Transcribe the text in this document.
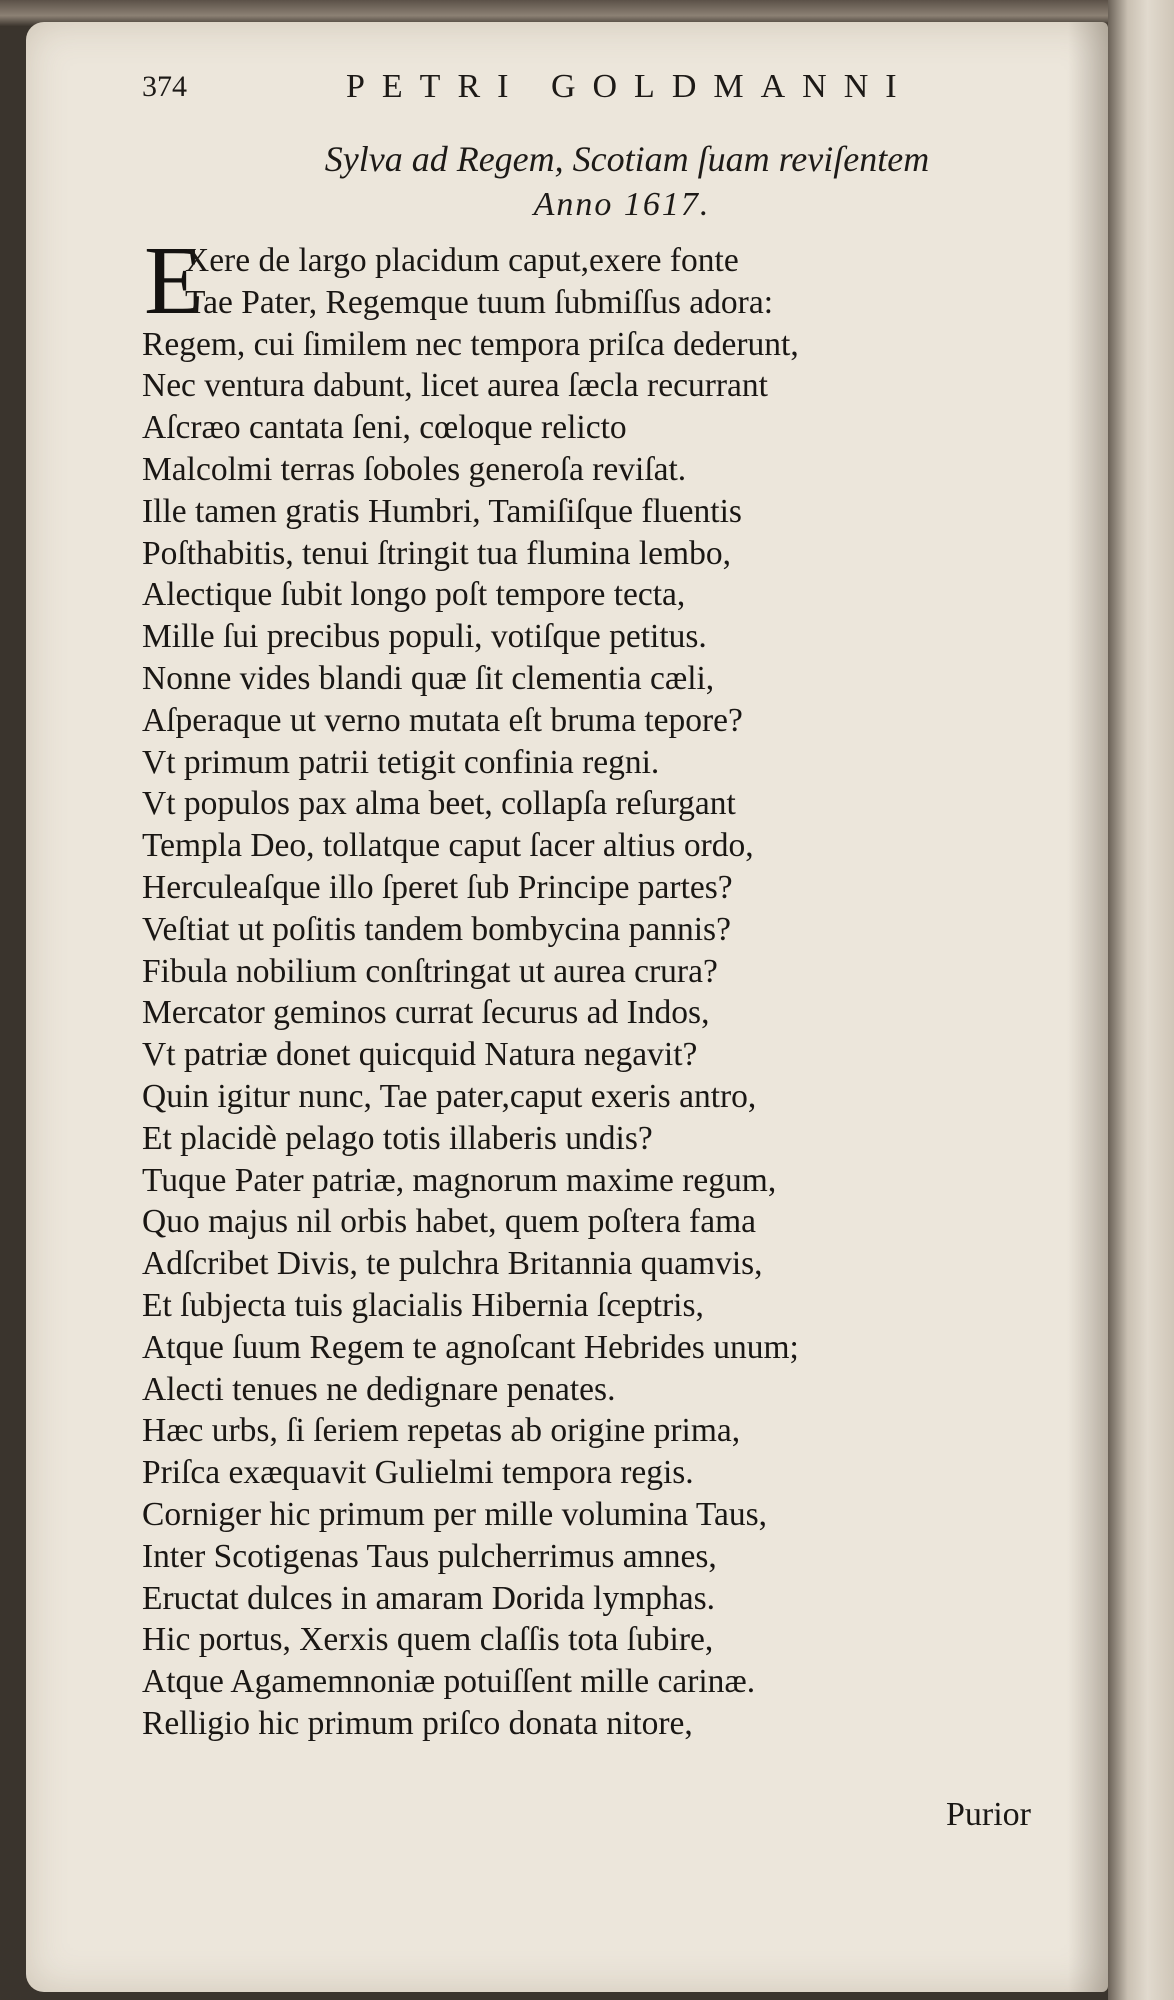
374	PETRI GOLDMANNI
Sylva ad Regem, Scotiam ſuam reviſentem
Anno 1617.
E
Xere de largo placidum caput,exere fonte
Tae Pater, Regemque tuum ſubmiſſus adora:
Regem, cui ſimilem nec tempora priſca dederunt,
Nec ventura dabunt, licet aurea ſæcla recurrant
Aſcræo cantata ſeni, cœloque relicto
Malcolmi terras ſoboles generoſa reviſat.
Ille tamen gratis Humbri, Tamiſiſque fluentis
Poſthabitis, tenui ſtringit tua flumina lembo,
Alectique ſubit longo poſt tempore tecta,
Mille ſui precibus populi, votiſque petitus.
Nonne vides blandi quæ ſit clementia cæli,
Aſperaque ut verno mutata eſt bruma tepore?
Vt primum patrii tetigit confinia regni.
Vt populos pax alma beet, collapſa reſurgant
Templa Deo, tollatque caput ſacer altius ordo,
Herculeaſque illo ſperet ſub Principe partes?
Veſtiat ut poſitis tandem bombycina pannis?
Fibula nobilium conſtringat ut aurea crura?
Mercator geminos currat ſecurus ad Indos,
Vt patriæ donet quicquid Natura negavit?
Quin igitur nunc, Tae pater,caput exeris antro,
Et placidè pelago totis illaberis undis?
Tuque Pater patriæ, magnorum maxime regum,
Quo majus nil orbis habet, quem poſtera fama
Adſcribet Divis, te pulchra Britannia quamvis,
Et ſubjecta tuis glacialis Hibernia ſceptris,
Atque ſuum Regem te agnoſcant Hebrides unum;
Alecti tenues ne dedignare penates.
Hæc urbs, ſi ſeriem repetas ab origine prima,
Priſca exæquavit Gulielmi tempora regis.
Corniger hic primum per mille volumina Taus,
Inter Scotigenas Taus pulcherrimus amnes,
Eructat dulces in amaram Dorida lymphas.
Hic portus, Xerxis quem claſſis tota ſubire,
Atque Agamemnoniæ potuiſſent mille carinæ.
Relligio hic primum priſco donata nitore,
Purior
